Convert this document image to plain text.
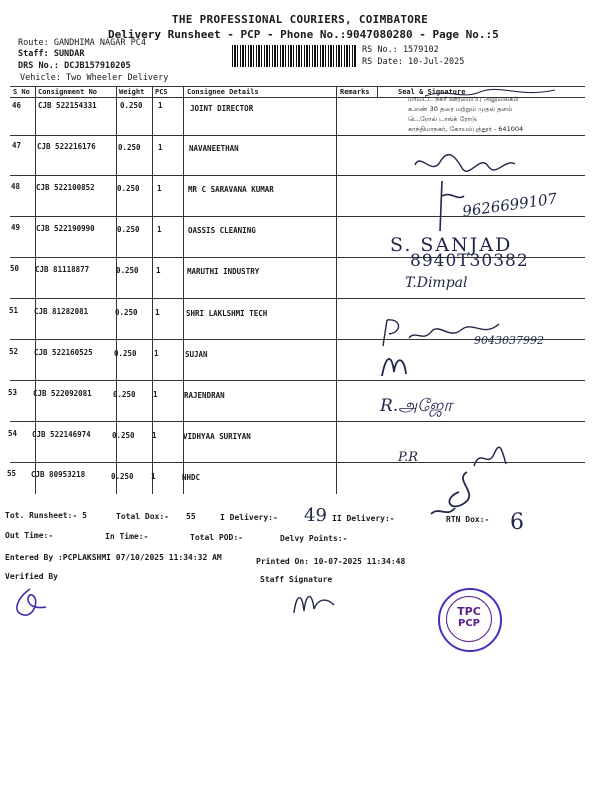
THE PROFESSIONAL COURIERS, COIMBATORE
Delivery Runsheet - PCP - Phone No.:9047080280 - Page No.:5
Route: GANDHIMA NAGAR PC4
Staff: SUNDAR
DRS No.: DCJB157910205
Vehicle: Two Wheeler Delivery
RS No.: 1579102
RS Date: 10-Jul-2025
S No Consignment No	Weight PCS	Consignee Details	Remarks	Seal & Signature
46 CJB 522154331	0.250 1	JOINT DIRECTOR
47 CJB 522216176	0.250 1	NAVANEETHAN
48 CJB 522100852	0.250 1	MR C SARAVANA KUMAR
49 CJB 522190990	0.250 1	OASSIS CLEANING
50 CJB 81118877	0.250 1	MARUTHI INDUSTRY
51 CJB 81282081	0.250 1	SHRI LAKLSHMI TECH
52 CJB 522160525	0.250 1	SUJAN
53 CJB 522092081	0.250 1	RAJENDRAN
54 CJB 522146974	0.250 1	VIDHYAA SURIYAN
55 CJB 80953218	0.250 1	NHDC
மாவட்ட நகர் ஊரமைப்பு அலுவலகம்
க.எண் 30 தரை மற்றும் முதல் தளம்
டெ.ரோல் டாங்க் ரோடு
காந்திமாநகர், கோயம்புத்தூர் - 641004
9626699107
S. SANJAD
8940T30382
T.Dimpal
9043037992
R.அஜோ
P.R
Tot. Runsheet:- 5	Total Dox:- 55	I Delivery:- 49 II Delivery:-	RTN Dox:- 6
Out Time:-	In Time:-	Total POD:-	Delvy Points:-
Entered By :PCPLAKSHMI 07/10/2025 11:34:32 AM	Printed On: 10-07-2025 11:34:48
Verified By	Staff Signature
TPC
PCP
